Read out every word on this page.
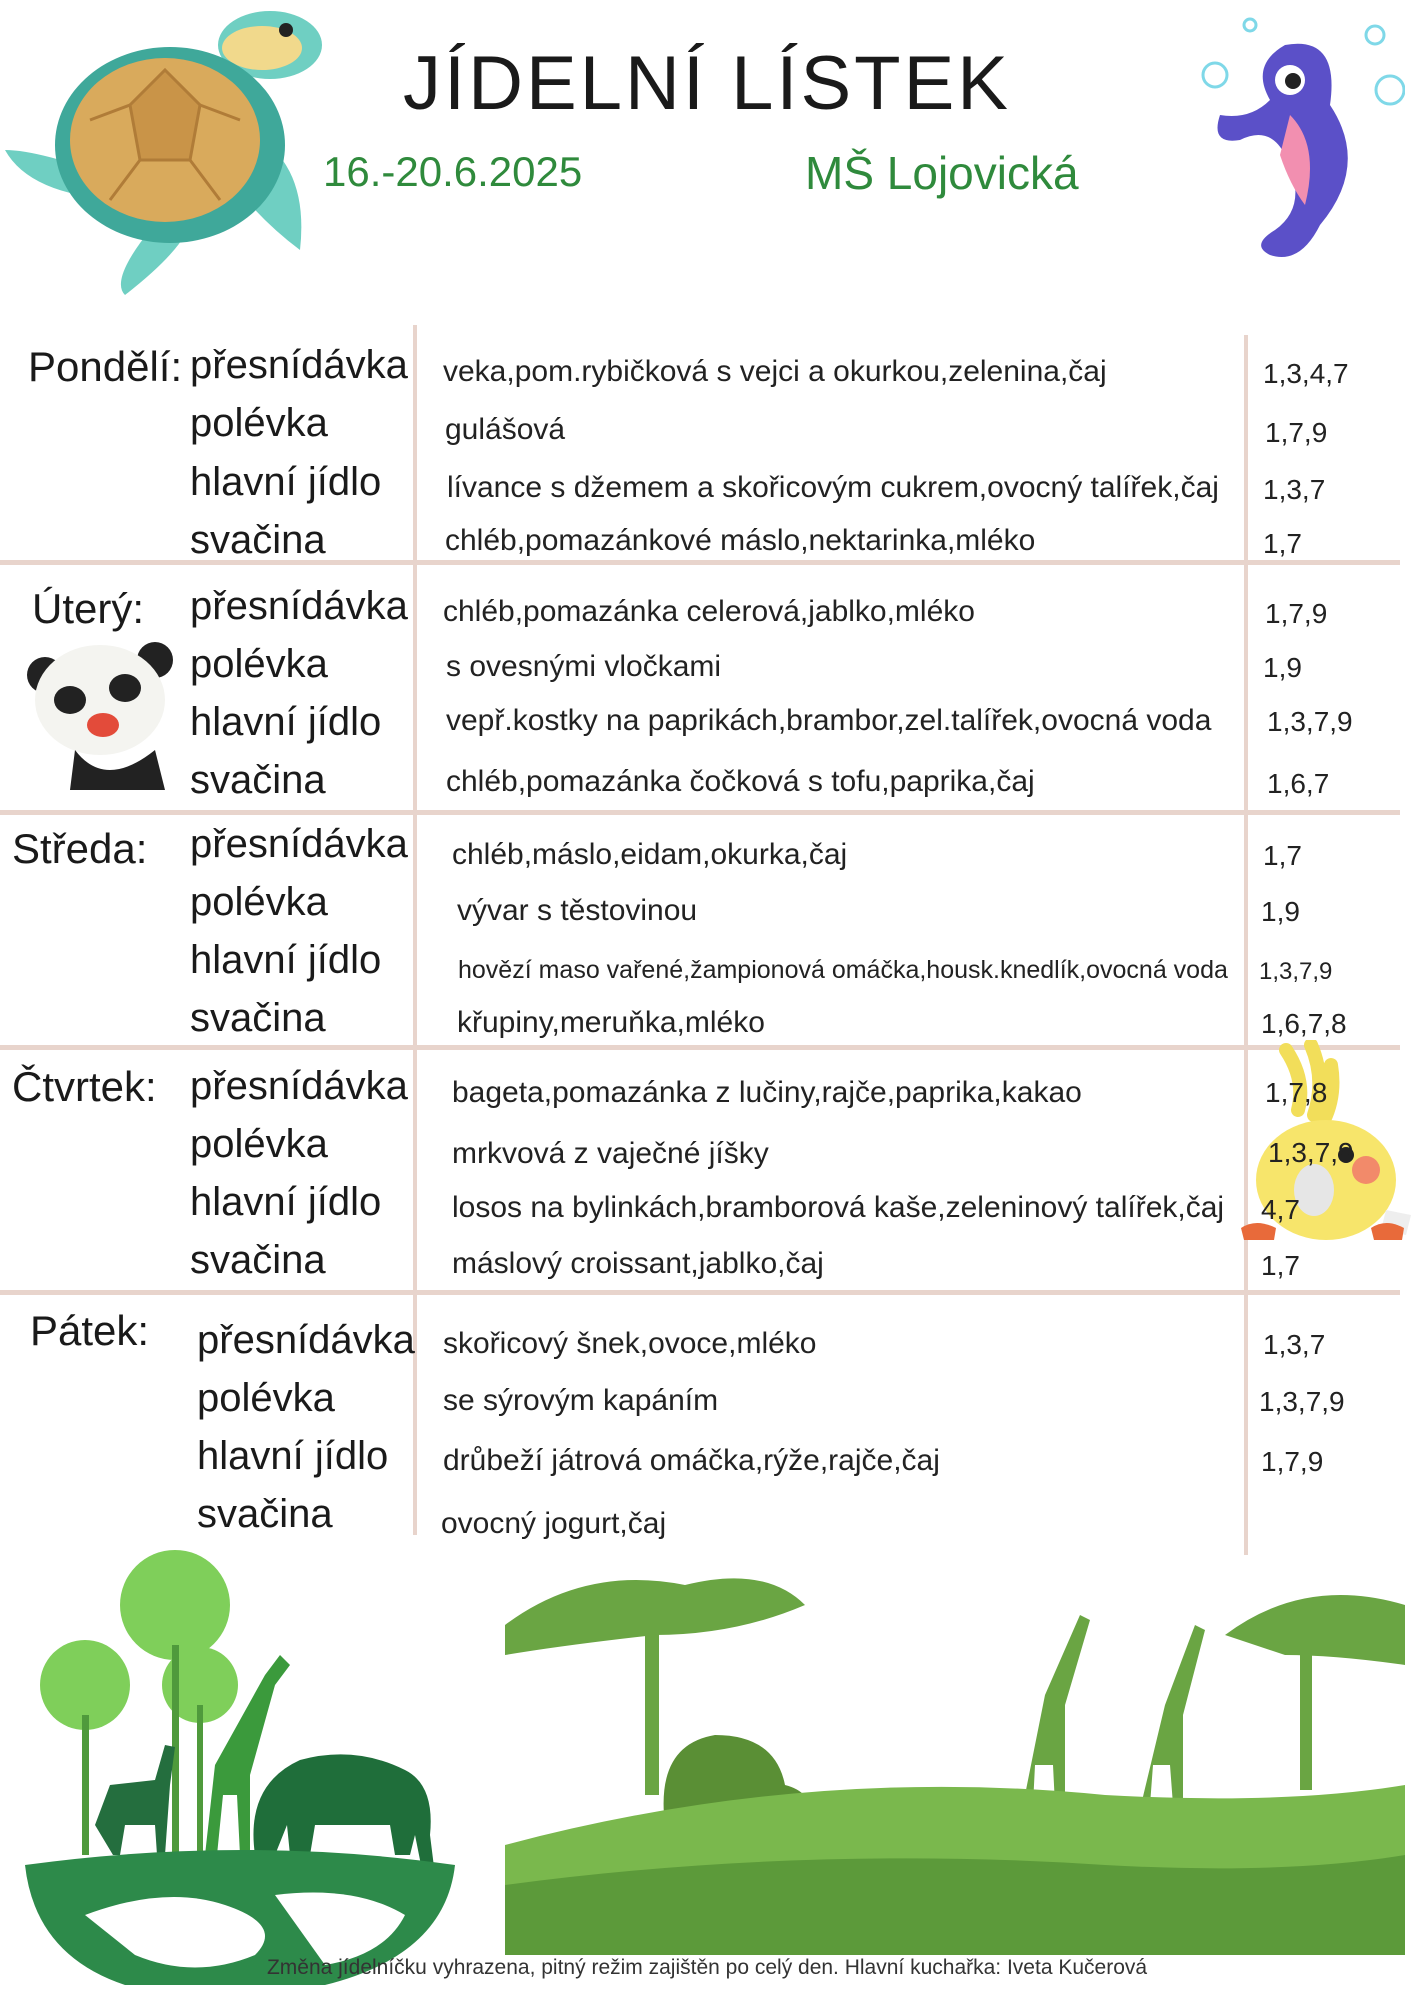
JÍDELNÍ LÍSTEK
16.-20.6.2025	MŠ Lojovická
Pondělí: přesnídávka
polévka
hlavní jídlo
svačina
veka,pom.rybičková s vejci a okurkou,zelenina,čaj
gulášová
lívance s džemem a skořicovým cukrem,ovocný talířek,čaj
chléb,pomazánkové máslo,nektarinka,mléko
1,3,4,7
1,7,9
1,3,7
1,7
Úterý: přesnídávka
polévka
hlavní jídlo
svačina
chléb,pomazánka celerová,jablko,mléko
s ovesnými vločkami
vepř.kostky na paprikách,brambor,zel.talířek,ovocná voda
chléb,pomazánka čočková s tofu,paprika,čaj
1,7,9
1,9
1,3,7,9
1,6,7
Středa: přesnídávka
polévka
hlavní jídlo
svačina
chléb,máslo,eidam,okurka,čaj
vývar s těstovinou
hovězí maso vařené,žampionová omáčka,housk.knedlík,ovocná voda
křupiny,meruňka,mléko
1,7
1,9
1,3,7,9
1,6,7,8
Čtvrtek: přesnídávka
polévka
hlavní jídlo
svačina
bageta,pomazánka z lučiny,rajče,paprika,kakao
mrkvová z vaječné jíšky
losos na bylinkách,bramborová kaše,zeleninový talířek,čaj
máslový croissant,jablko,čaj
1,7,8
1,3,7,9
4,7
1,7
Pátek: přesnídávka
polévka
hlavní jídlo
svačina
skořicový šnek,ovoce,mléko
se sýrovým kapáním
drůbeží játrová omáčka,rýže,rajče,čaj
ovocný jogurt,čaj
1,3,7
1,3,7,9
1,7,9
Změna jídelníčku vyhrazena, pitný režim zajištěn po celý den. Hlavní kuchařka: Iveta Kučerová
